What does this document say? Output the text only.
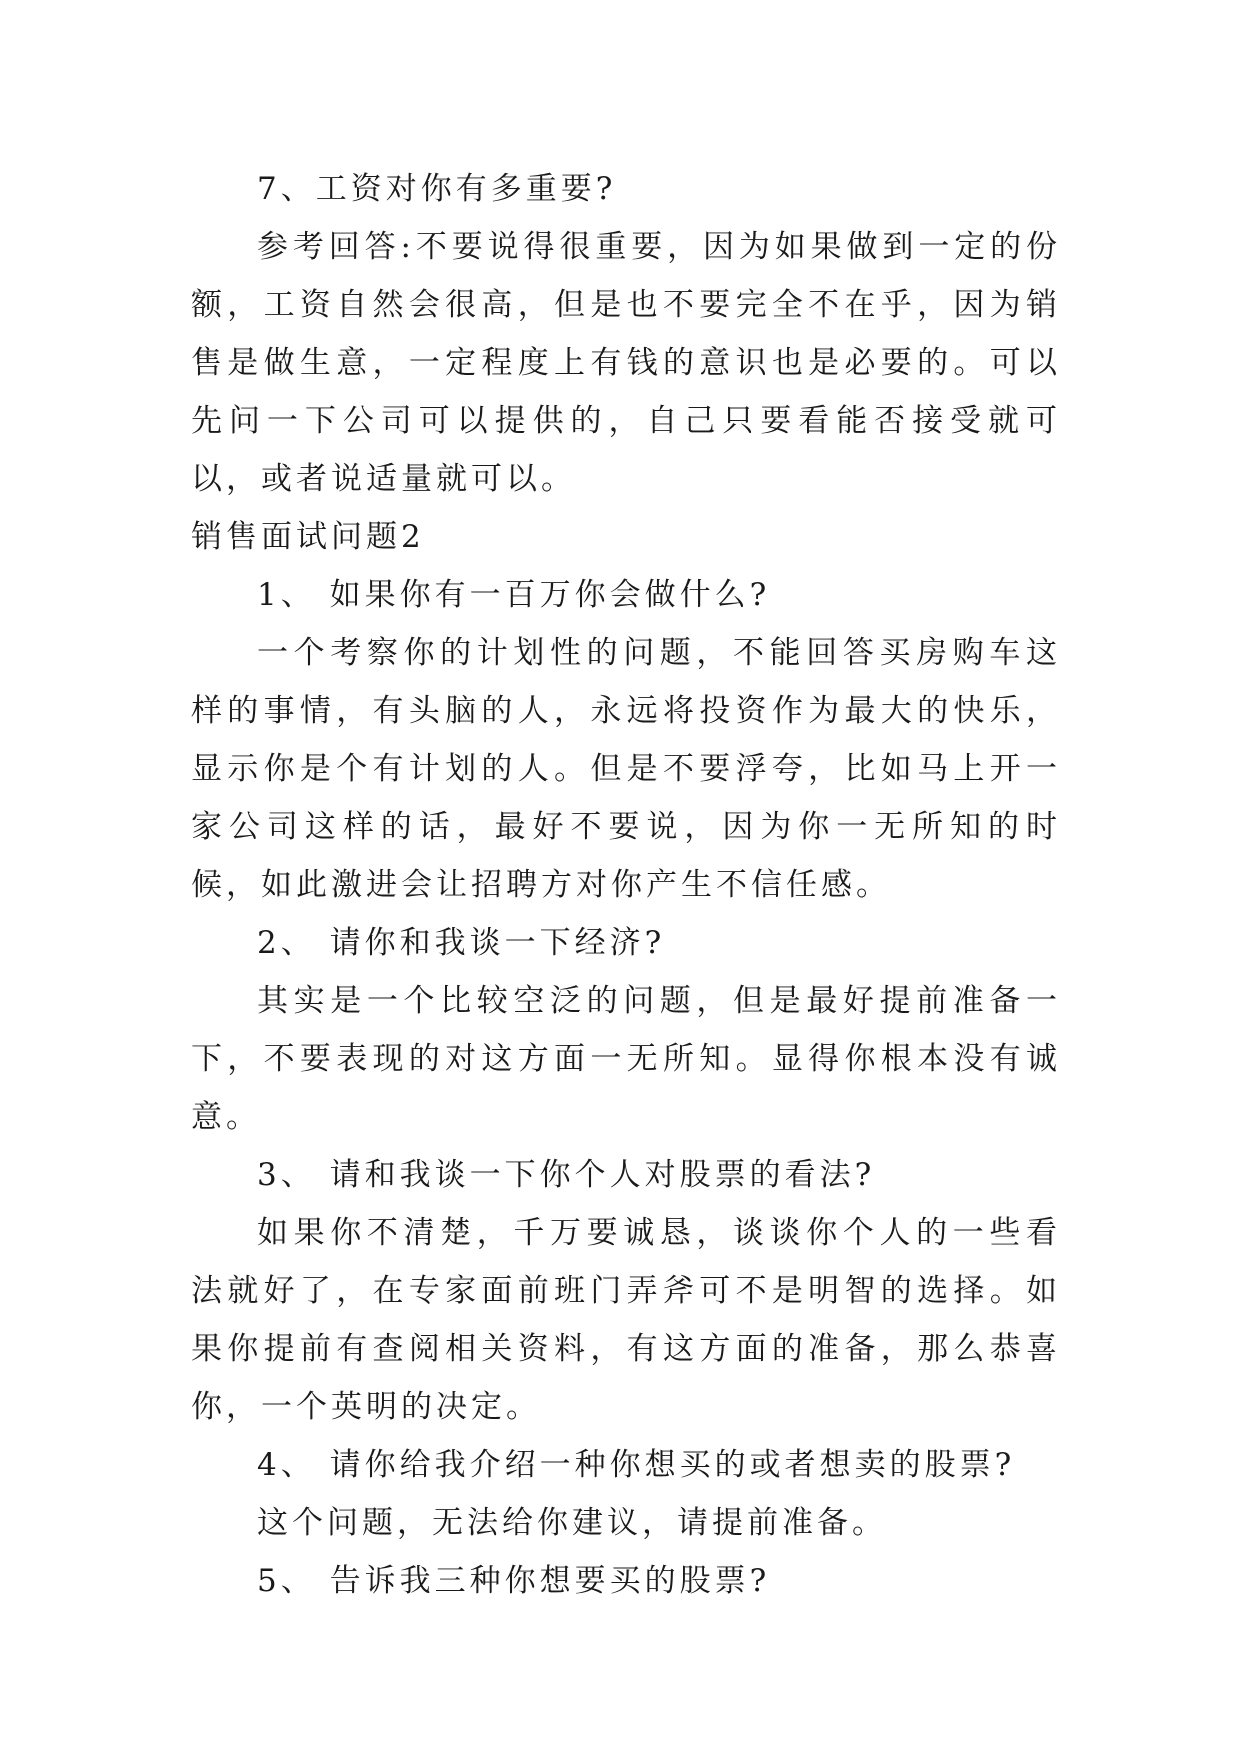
7、工资对你有多重要?

参考回答:不要说得很重要，因为如果做到一定的份额，工资自然会很高，但是也不要完全不在乎，因为销售是做生意，一定程度上有钱的意识也是必要的。可以先问一下公司可以提供的，自己只要看能否接受就可以，或者说适量就可以。

销售面试问题2

1、 如果你有一百万你会做什么?

一个考察你的计划性的问题，不能回答买房购车这样的事情，有头脑的人，永远将投资作为最大的快乐，显示你是个有计划的人。但是不要浮夸，比如马上开一家公司这样的话，最好不要说，因为你一无所知的时候，如此激进会让招聘方对你产生不信任感。

2、 请你和我谈一下经济?

其实是一个比较空泛的问题，但是最好提前准备一下，不要表现的对这方面一无所知。显得你根本没有诚意。

3、 请和我谈一下你个人对股票的看法?

如果你不清楚，千万要诚恳，谈谈你个人的一些看法就好了，在专家面前班门弄斧可不是明智的选择。如果你提前有查阅相关资料，有这方面的准备，那么恭喜你，一个英明的决定。

4、 请你给我介绍一种你想买的或者想卖的股票?

这个问题，无法给你建议，请提前准备。

5、 告诉我三种你想要买的股票?
